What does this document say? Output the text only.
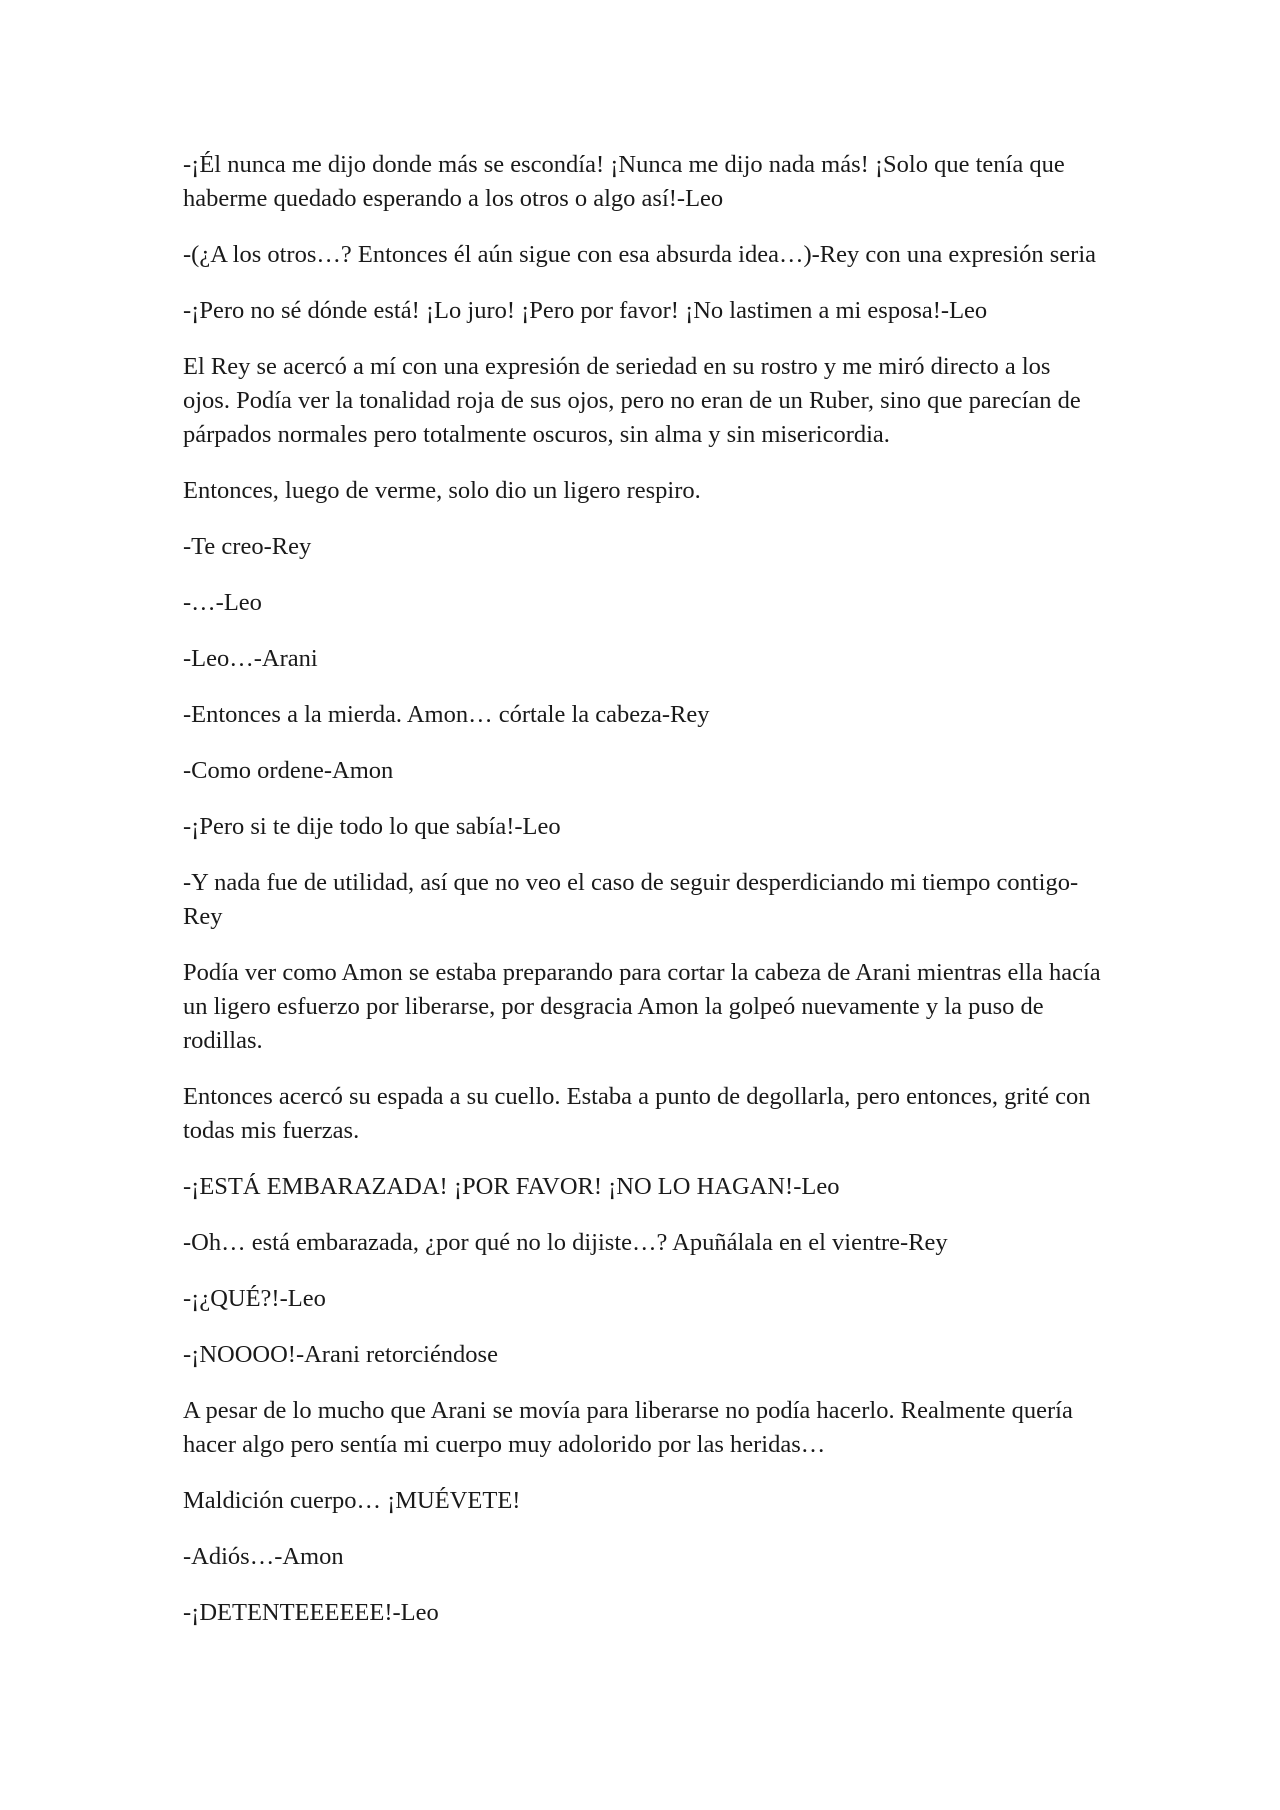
-¡Él nunca me dijo donde más se escondía! ¡Nunca me dijo nada más! ¡Solo que tenía que haberme quedado esperando a los otros o algo así!-Leo

-(¿A los otros…? Entonces él aún sigue con esa absurda idea…)-Rey con una expresión seria

-¡Pero no sé dónde está! ¡Lo juro! ¡Pero por favor! ¡No lastimen a mi esposa!-Leo

El Rey se acercó a mí con una expresión de seriedad en su rostro y me miró directo a los ojos. Podía ver la tonalidad roja de sus ojos, pero no eran de un Ruber, sino que parecían de párpados normales pero totalmente oscuros, sin alma y sin misericordia.

Entonces, luego de verme, solo dio un ligero respiro.

-Te creo-Rey

-…-Leo

-Leo…-Arani

-Entonces a la mierda. Amon… córtale la cabeza-Rey

-Como ordene-Amon

-¡Pero si te dije todo lo que sabía!-Leo

-Y nada fue de utilidad, así que no veo el caso de seguir desperdiciando mi tiempo contigo-Rey

Podía ver como Amon se estaba preparando para cortar la cabeza de Arani mientras ella hacía un ligero esfuerzo por liberarse, por desgracia Amon la golpeó nuevamente y la puso de rodillas.

Entonces acercó su espada a su cuello. Estaba a punto de degollarla, pero entonces, grité con todas mis fuerzas.

-¡ESTÁ EMBARAZADA! ¡POR FAVOR! ¡NO LO HAGAN!-Leo

-Oh… está embarazada, ¿por qué no lo dijiste…? Apuñálala en el vientre-Rey

-¡¿QUÉ?!-Leo

-¡NOOOO!-Arani retorciéndose

A pesar de lo mucho que Arani se movía para liberarse no podía hacerlo. Realmente quería hacer algo pero sentía mi cuerpo muy adolorido por las heridas…

Maldición cuerpo… ¡MUÉVETE!

-Adiós…-Amon

-¡DETENTEEEEEE!-Leo
